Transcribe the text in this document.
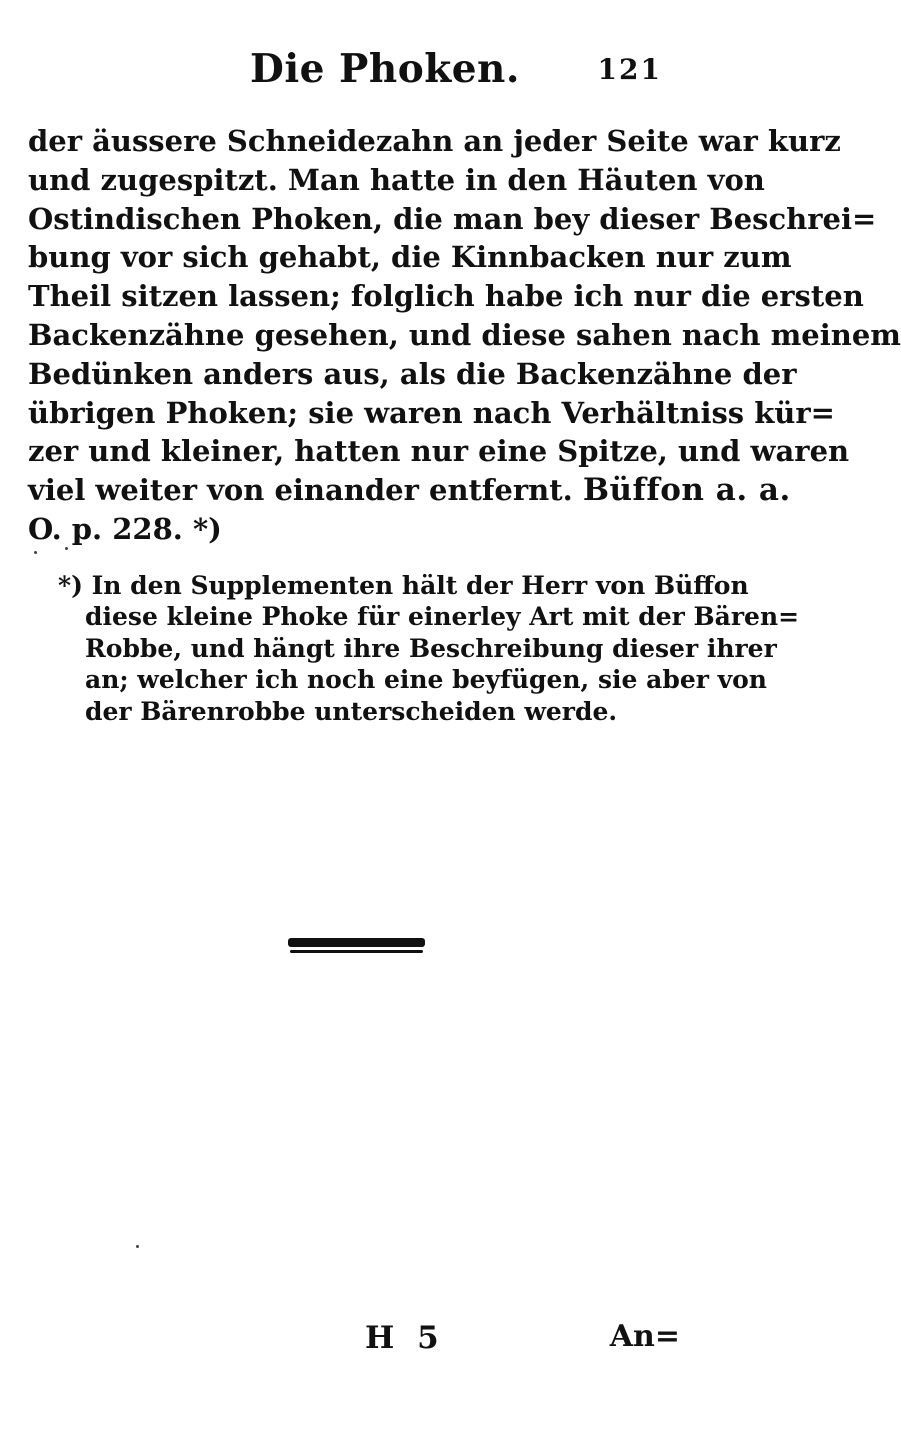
Die Phoken.	121
der äussere Schneidezahn an jeder Seite war kurz
und zugespitzt. Man hatte in den Häuten von
Ostindischen Phoken, die man bey dieser Beschrei=
bung vor sich gehabt, die Kinnbacken nur zum
Theil sitzen lassen; folglich habe ich nur die ersten
Backenzähne gesehen, und diese sahen nach meinem
Bedünken anders aus, als die Backenzähne der
übrigen Phoken; sie waren nach Verhältniss kür=
zer und kleiner, hatten nur eine Spitze, und waren
viel weiter von einander entfernt. Büffon a. a.
O. p. 228. *)
*) In den Supplementen hält der Herr von Büffon
diese kleine Phoke für einerley Art mit der Bären=
Robbe, und hängt ihre Beschreibung dieser ihrer
an; welcher ich noch eine beyfügen, sie aber von
der Bärenrobbe unterscheiden werde.
H 5	An=
